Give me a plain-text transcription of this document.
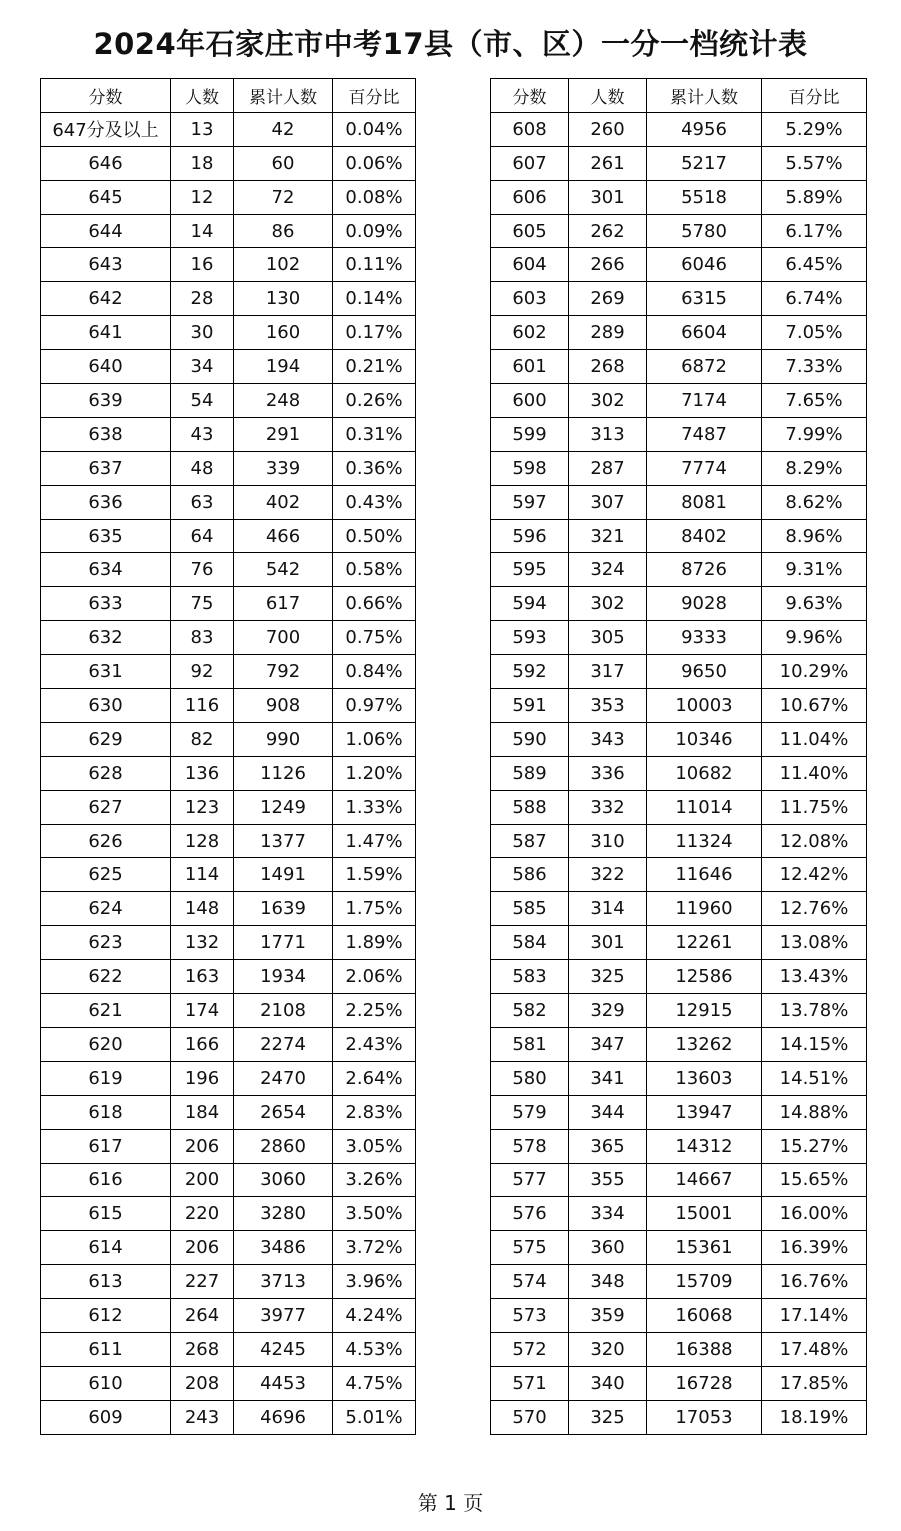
2024年石家庄市中考17县（市、区）一分一档统计表
分数	人数	累计人数	百分比
647分及以上	13	42	0.04%
646	18	60	0.06%
645	12	72	0.08%
644	14	86	0.09%
643	16	102	0.11%
642	28	130	0.14%
641	30	160	0.17%
640	34	194	0.21%
639	54	248	0.26%
638	43	291	0.31%
637	48	339	0.36%
636	63	402	0.43%
635	64	466	0.50%
634	76	542	0.58%
633	75	617	0.66%
632	83	700	0.75%
631	92	792	0.84%
630	116	908	0.97%
629	82	990	1.06%
628	136	1126	1.20%
627	123	1249	1.33%
626	128	1377	1.47%
625	114	1491	1.59%
624	148	1639	1.75%
623	132	1771	1.89%
622	163	1934	2.06%
621	174	2108	2.25%
620	166	2274	2.43%
619	196	2470	2.64%
618	184	2654	2.83%
617	206	2860	3.05%
616	200	3060	3.26%
615	220	3280	3.50%
614	206	3486	3.72%
613	227	3713	3.96%
612	264	3977	4.24%
611	268	4245	4.53%
610	208	4453	4.75%
609	243	4696	5.01%
分数	人数	累计人数	百分比
608	260	4956	5.29%
607	261	5217	5.57%
606	301	5518	5.89%
605	262	5780	6.17%
604	266	6046	6.45%
603	269	6315	6.74%
602	289	6604	7.05%
601	268	6872	7.33%
600	302	7174	7.65%
599	313	7487	7.99%
598	287	7774	8.29%
597	307	8081	8.62%
596	321	8402	8.96%
595	324	8726	9.31%
594	302	9028	9.63%
593	305	9333	9.96%
592	317	9650	10.29%
591	353	10003	10.67%
590	343	10346	11.04%
589	336	10682	11.40%
588	332	11014	11.75%
587	310	11324	12.08%
586	322	11646	12.42%
585	314	11960	12.76%
584	301	12261	13.08%
583	325	12586	13.43%
582	329	12915	13.78%
581	347	13262	14.15%
580	341	13603	14.51%
579	344	13947	14.88%
578	365	14312	15.27%
577	355	14667	15.65%
576	334	15001	16.00%
575	360	15361	16.39%
574	348	15709	16.76%
573	359	16068	17.14%
572	320	16388	17.48%
571	340	16728	17.85%
570	325	17053	18.19%
第 1 页
